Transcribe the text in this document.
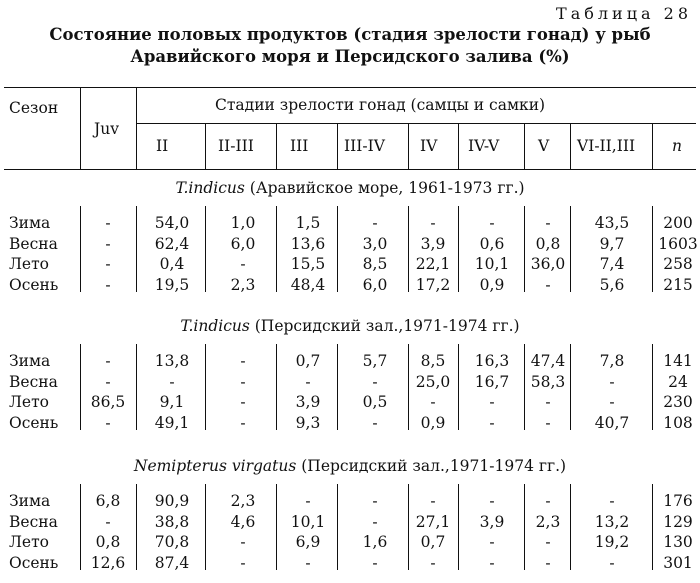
Таблица 28
Состояние половых продуктов (стадия зрелости гонад) у рыб
Аравийского моря и Персидского залива (%)
Сезон
Juv
Стадии зрелости гонад (самцы и самки)
II	II-III III III-IV IV IV-V	V VI-II,III n
T.indicus (Аравийское море, 1961-1973 гг.)
Зима	-	54,0	1,0	1,5	-	-	-	-	43,5 200
Весна	-	62,4	6,0 13,6 3,0 3,9 0,6 0,8	9,7 1603
Лето	-	0,4	-	15,5 8,5 22,1 10,1 36,0 7,4	258
Осень	-	19,5	2,3 48,4 6,0 17,2 0,9	-	5,6	215
T.indicus (Персидский зал.,1971-1974 гг.)
Зима	-	13,8	-	0,7	5,7 8,5 16,3 47,4 7,8	141
Весна	-	-	-	-	- 25,0 16,7 58,3	-	24
Лето	86,5 9,1	-	3,9	0,5	-	-	-	-	230
Осень	-	49,1	-	9,3	-	0,9	-	-	40,7 108
Nemipterus virgatus (Персидский зал.,1971-1974 гг.)
Зима	6,8 90,9	2,3	-	-	-	-	-	-	176
Весна	-	38,8	4,6 10,1	- 27,1 3,9 2,3 13,2 129
Лето	0,8 70,8	-	6,9	1,6 0,7	-	-	19,2 130
Осень 12,6 87,4	-	-	-	-	-	-	-	301
